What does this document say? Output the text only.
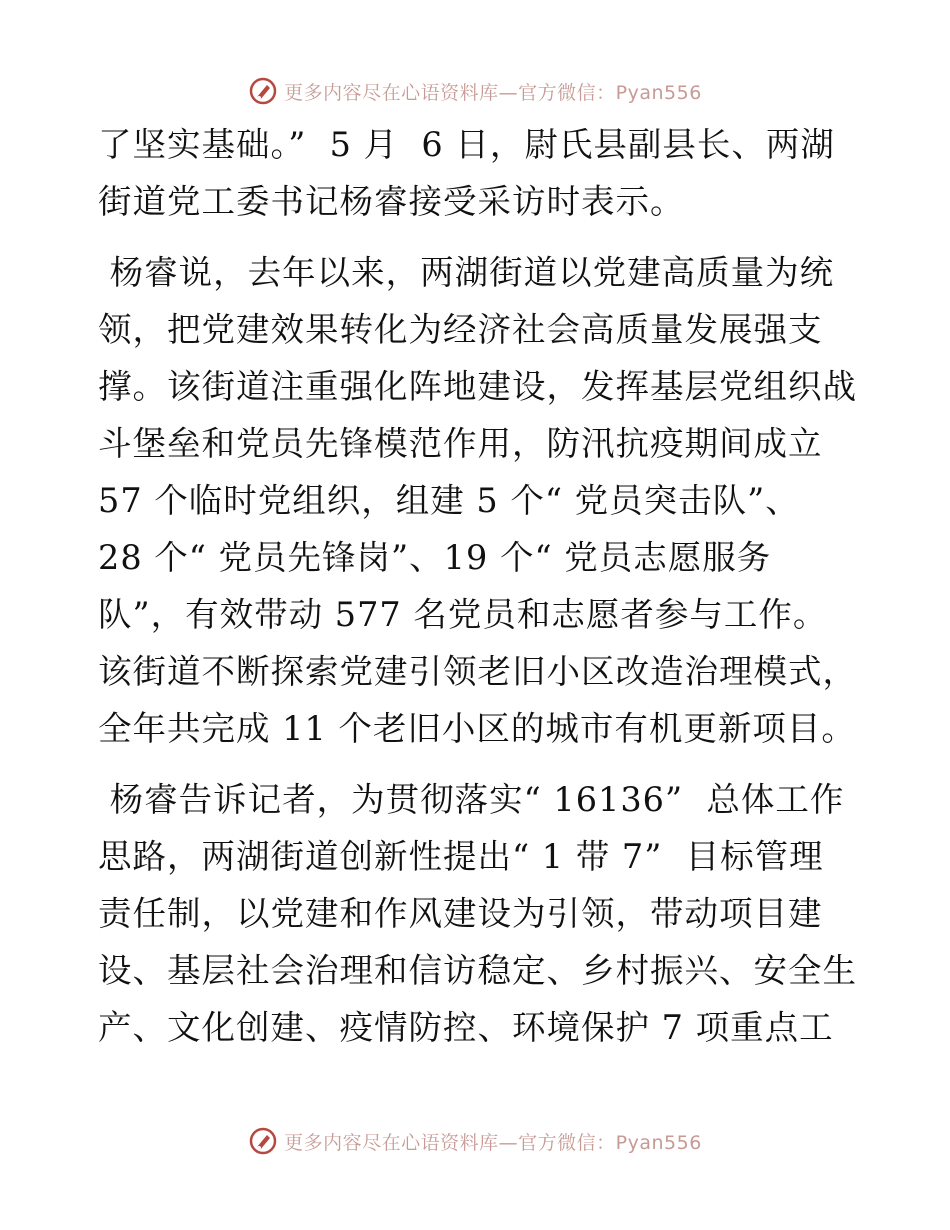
更多内容尽在心语资料库—官方微信：Pyan556

了坚实基础。”  5 月  6 日，尉氏县副县长、两湖
街道党工委书记杨睿接受采访时表示。

杨睿说，去年以来，两湖街道以党建高质量为统
领，把党建效果转化为经济社会高质量发展强支
撑。该街道注重强化阵地建设，发挥基层党组织战
斗堡垒和党员先锋模范作用，防汛抗疫期间成立
57 个临时党组织，组建 5 个“ 党员突击队”、
28 个“ 党员先锋岗”、19 个“ 党员志愿服务
队”，有效带动 577 名党员和志愿者参与工作。
该街道不断探索党建引领老旧小区改造治理模式，
全年共完成 11 个老旧小区的城市有机更新项目。

杨睿告诉记者，为贯彻落实“ 16136”  总体工作
思路，两湖街道创新性提出“ 1 带 7”  目标管理
责任制，以党建和作风建设为引领，带动项目建
设、基层社会治理和信访稳定、乡村振兴、安全生
产、文化创建、疫情防控、环境保护 7 项重点工

更多内容尽在心语资料库—官方微信：Pyan556
